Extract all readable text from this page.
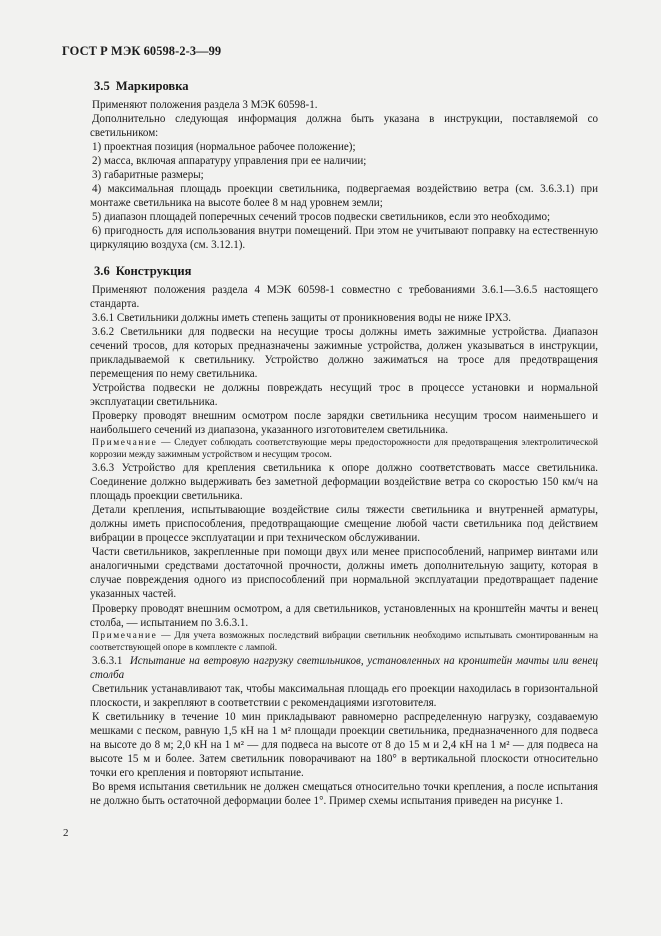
ГОСТ Р МЭК 60598-2-3—99

3.5 Маркировка

Применяют положения раздела 3 МЭК 60598-1.

Дополнительно следующая информация должна быть указана в инструкции, поставляемой со светильником:

1) проектная позиция (нормальное рабочее положение);

2) масса, включая аппаратуру управления при ее наличии;

3) габаритные размеры;

4) максимальная площадь проекции светильника, подвергаемая воздействию ветра (см. 3.6.3.1) при монтаже светильника на высоте более 8 м над уровнем земли;

5) диапазон площадей поперечных сечений тросов подвески светильников, если это необходимо;

6) пригодность для использования внутри помещений. При этом не учитывают поправку на естественную циркуляцию воздуха (см. 3.12.1).

3.6 Конструкция

Применяют положения раздела 4 МЭК 60598-1 совместно с требованиями 3.6.1—3.6.5 настоящего стандарта.

3.6.1 Светильники должны иметь степень защиты от проникновения воды не ниже IPX3.

3.6.2 Светильники для подвески на несущие тросы должны иметь зажимные устройства. Диапазон сечений тросов, для которых предназначены зажимные устройства, должен указываться в инструкции, прикладываемой к светильнику. Устройство должно зажиматься на тросе для предотвращения перемещения по нему светильника.

Устройства подвески не должны повреждать несущий трос в процессе установки и нормальной эксплуатации светильника.

Проверку проводят внешним осмотром после зарядки светильника несущим тросом наименьшего и наибольшего сечений из диапазона, указанного изготовителем светильника.

Примечание — Следует соблюдать соответствующие меры предосторожности для предотвращения электролитической коррозии между зажимным устройством и несущим тросом.

3.6.3 Устройство для крепления светильника к опоре должно соответствовать массе светильника. Соединение должно выдерживать без заметной деформации воздействие ветра со скоростью 150 км/ч на площадь проекции светильника.

Детали крепления, испытывающие воздействие силы тяжести светильника и внутренней арматуры, должны иметь приспособления, предотвращающие смещение любой части светильника под действием вибрации в процессе эксплуатации и при техническом обслуживании.

Части светильников, закрепленные при помощи двух или менее приспособлений, например винтами или аналогичными средствами достаточной прочности, должны иметь дополнительную защиту, которая в случае повреждения одного из приспособлений при нормальной эксплуатации предотвращает падение указанных частей.

Проверку проводят внешним осмотром, а для светильников, установленных на кронштейн мачты и венец столба, — испытанием по 3.6.3.1.

Примечание — Для учета возможных последствий вибрации светильник необходимо испытывать смонтированным на соответствующей опоре в комплекте с лампой.

3.6.3.1 Испытание на ветровую нагрузку светильников, установленных на кронштейн мачты или венец столба

Светильник устанавливают так, чтобы максимальная площадь его проекции находилась в горизонтальной плоскости, и закрепляют в соответствии с рекомендациями изготовителя.

К светильнику в течение 10 мин прикладывают равномерно распределенную нагрузку, создаваемую мешками с песком, равную 1,5 кН на 1 м² площади проекции светильника, предназначенного для подвеса на высоте до 8 м; 2,0 кН на 1 м² — для подвеса на высоте от 8 до 15 м и 2,4 кН на 1 м² — для подвеса на высоте 15 м и более. Затем светильник поворачивают на 180° в вертикальной плоскости относительно точки его крепления и повторяют испытание.

Во время испытания светильник не должен смещаться относительно точки крепления, а после испытания не должно быть остаточной деформации более 1°. Пример схемы испытания приведен на рисунке 1.

2
